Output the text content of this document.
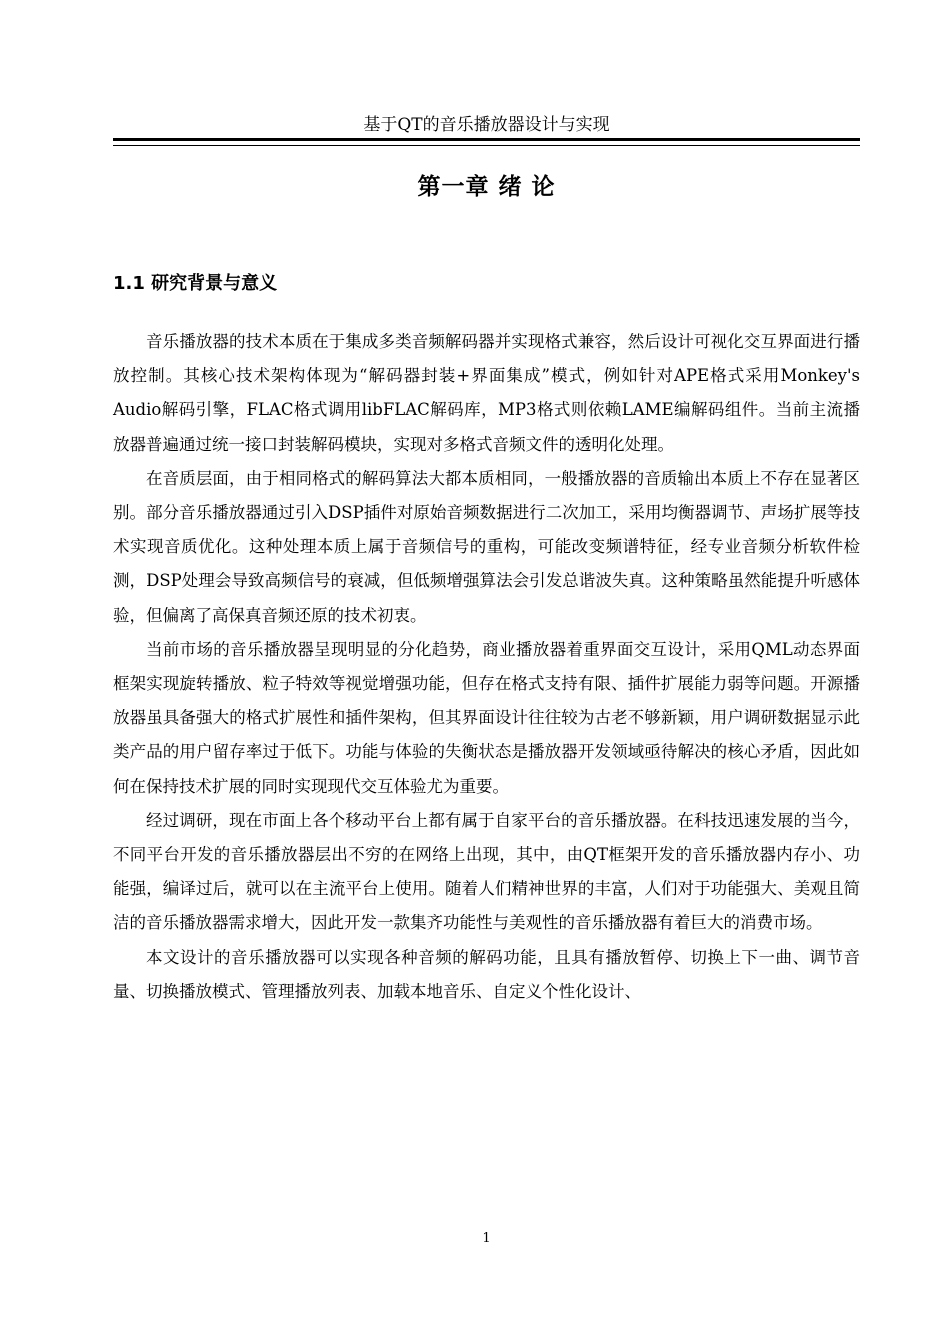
基于QT的音乐播放器设计与实现
第一章 绪 论
1.1 研究背景与意义

音乐播放器的技术本质在于集成多类音频解码器并实现格式兼容，然后设计可视化交互界面进行播放控制。其核心技术架构体现为“解码器封装+界面集成”模式，例如针对APE格式采用Monkey's Audio解码引擎，FLAC格式调用libFLAC解码库，MP3格式则依赖LAME编解码组件。当前主流播放器普遍通过统一接口封装解码模块，实现对多格式音频文件的透明化处理。

在音质层面，由于相同格式的解码算法大都本质相同，一般播放器的音质输出本质上不存在显著区别。部分音乐播放器通过引入DSP插件对原始音频数据进行二次加工，采用均衡器调节、声场扩展等技术实现音质优化。这种处理本质上属于音频信号的重构，可能改变频谱特征，经专业音频分析软件检测，DSP处理会导致高频信号的衰减，但低频增强算法会引发总谐波失真。这种策略虽然能提升听感体验，但偏离了高保真音频还原的技术初衷。

当前市场的音乐播放器呈现明显的分化趋势，商业播放器着重界面交互设计，采用QML动态界面框架实现旋转播放、粒子特效等视觉增强功能，但存在格式支持有限、插件扩展能力弱等问题。开源播放器虽具备强大的格式扩展性和插件架构，但其界面设计往往较为古老不够新颖，用户调研数据显示此类产品的用户留存率过于低下。功能与体验的失衡状态是播放器开发领域亟待解决的核心矛盾，因此如何在保持技术扩展的同时实现现代交互体验尤为重要。

经过调研，现在市面上各个移动平台上都有属于自家平台的音乐播放器。在科技迅速发展的当今，不同平台开发的音乐播放器层出不穷的在网络上出现，其中，由QT框架开发的音乐播放器内存小、功能强，编译过后，就可以在主流平台上使用。随着人们精神世界的丰富，人们对于功能强大、美观且简洁的音乐播放器需求增大，因此开发一款集齐功能性与美观性的音乐播放器有着巨大的消费市场。

本文设计的音乐播放器可以实现各种音频的解码功能，且具有播放暂停、切换上下一曲、调节音量、切换播放模式、管理播放列表、加载本地音乐、自定义个性化设计、

1
